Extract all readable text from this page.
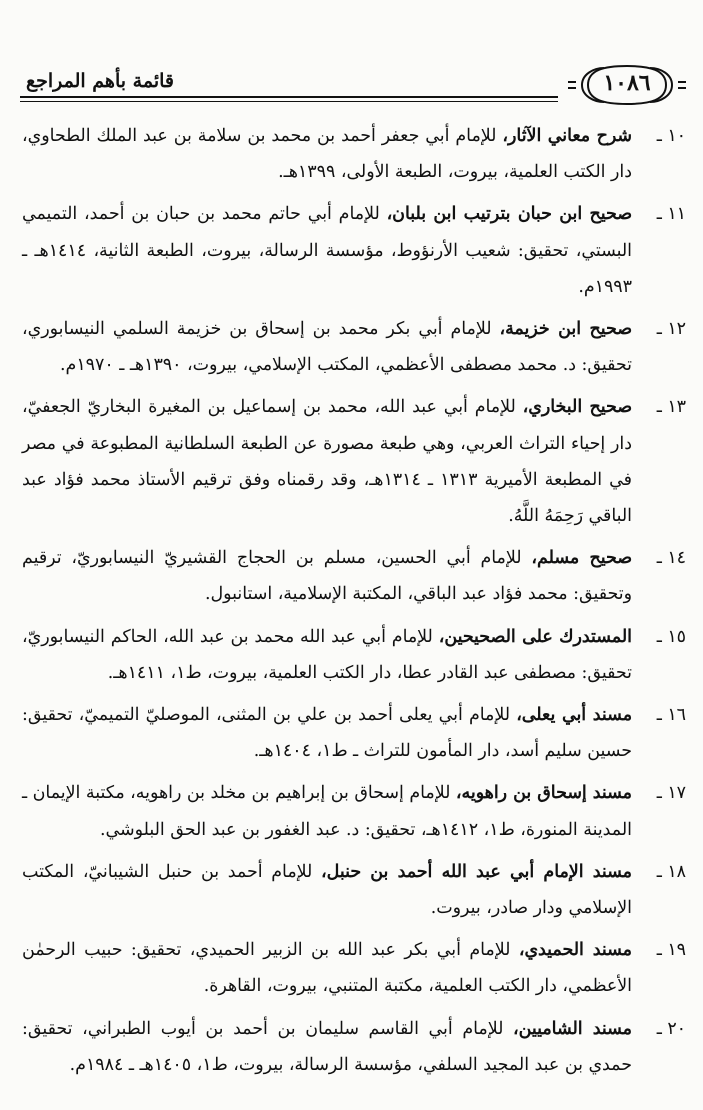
١٠٨٦
قائمة بأهم المراجع
١٠ ـ
شرح معاني الآثار، للإمام أبي جعفر أحمد بن محمد بن سلامة بن عبد الملك الطحاوي، دار الكتب العلمية، بيروت، الطبعة الأولى، ١٣٩٩هـ.
١١ ـ
صحيح ابن حبان بترتيب ابن بلبان، للإمام أبي حاتم محمد بن حبان بن أحمد، التميمي البستي، تحقيق: شعيب الأرنؤوط، مؤسسة الرسالة، بيروت، الطبعة الثانية، ١٤١٤هـ ـ ١٩٩٣م.
١٢ ـ
صحيح ابن خزيمة، للإمام أبي بكر محمد بن إسحاق بن خزيمة السلمي النيسابوري، تحقيق: د. محمد مصطفى الأعظمي، المكتب الإسلامي، بيروت، ١٣٩٠هـ ـ ١٩٧٠م.
١٣ ـ
صحيح البخاري، للإمام أبي عبد الله، محمد بن إسماعيل بن المغيرة البخاريّ الجعفيّ، دار إحياء التراث العربي، وهي طبعة مصورة عن الطبعة السلطانية المطبوعة في مصر في المطبعة الأميرية ١٣١٣ ـ ١٣١٤هـ، وقد رقمناه وفق ترقيم الأستاذ محمد فؤاد عبد الباقي رَحِمَهُ اللَّهُ.
١٤ ـ
صحيح مسلم، للإمام أبي الحسين، مسلم بن الحجاج القشيريّ النيسابوريّ، ترقيم وتحقيق: محمد فؤاد عبد الباقي، المكتبة الإسلامية، استانبول.
١٥ ـ
المستدرك على الصحيحين، للإمام أبي عبد الله محمد بن عبد الله، الحاكم النيسابوريّ، تحقيق: مصطفى عبد القادر عطا، دار الكتب العلمية، بيروت، ط١، ١٤١١هـ.
١٦ ـ
مسند أبي يعلى، للإمام أبي يعلى أحمد بن علي بن المثنى، الموصليّ التميميّ، تحقيق: حسين سليم أسد، دار المأمون للتراث ـ ط١، ١٤٠٤هـ.
١٧ ـ
مسند إسحاق بن راهويه، للإمام إسحاق بن إبراهيم بن مخلد بن راهويه، مكتبة الإيمان ـ المدينة المنورة، ط١، ١٤١٢هـ، تحقيق: د. عبد الغفور بن عبد الحق البلوشي.
١٨ ـ
مسند الإمام أبي عبد الله أحمد بن حنبل، للإمام أحمد بن حنبل الشيبانيّ، المكتب الإسلامي ودار صادر، بيروت.
١٩ ـ
مسند الحميدي، للإمام أبي بكر عبد الله بن الزبير الحميدي، تحقيق: حبيب الرحمٰن الأعظمي، دار الكتب العلمية، مكتبة المتنبي، بيروت، القاهرة.
٢٠ ـ
مسند الشاميين، للإمام أبي القاسم سليمان بن أحمد بن أيوب الطبراني، تحقيق: حمدي بن عبد المجيد السلفي، مؤسسة الرسالة، بيروت، ط١، ١٤٠٥هـ ـ ١٩٨٤م.
